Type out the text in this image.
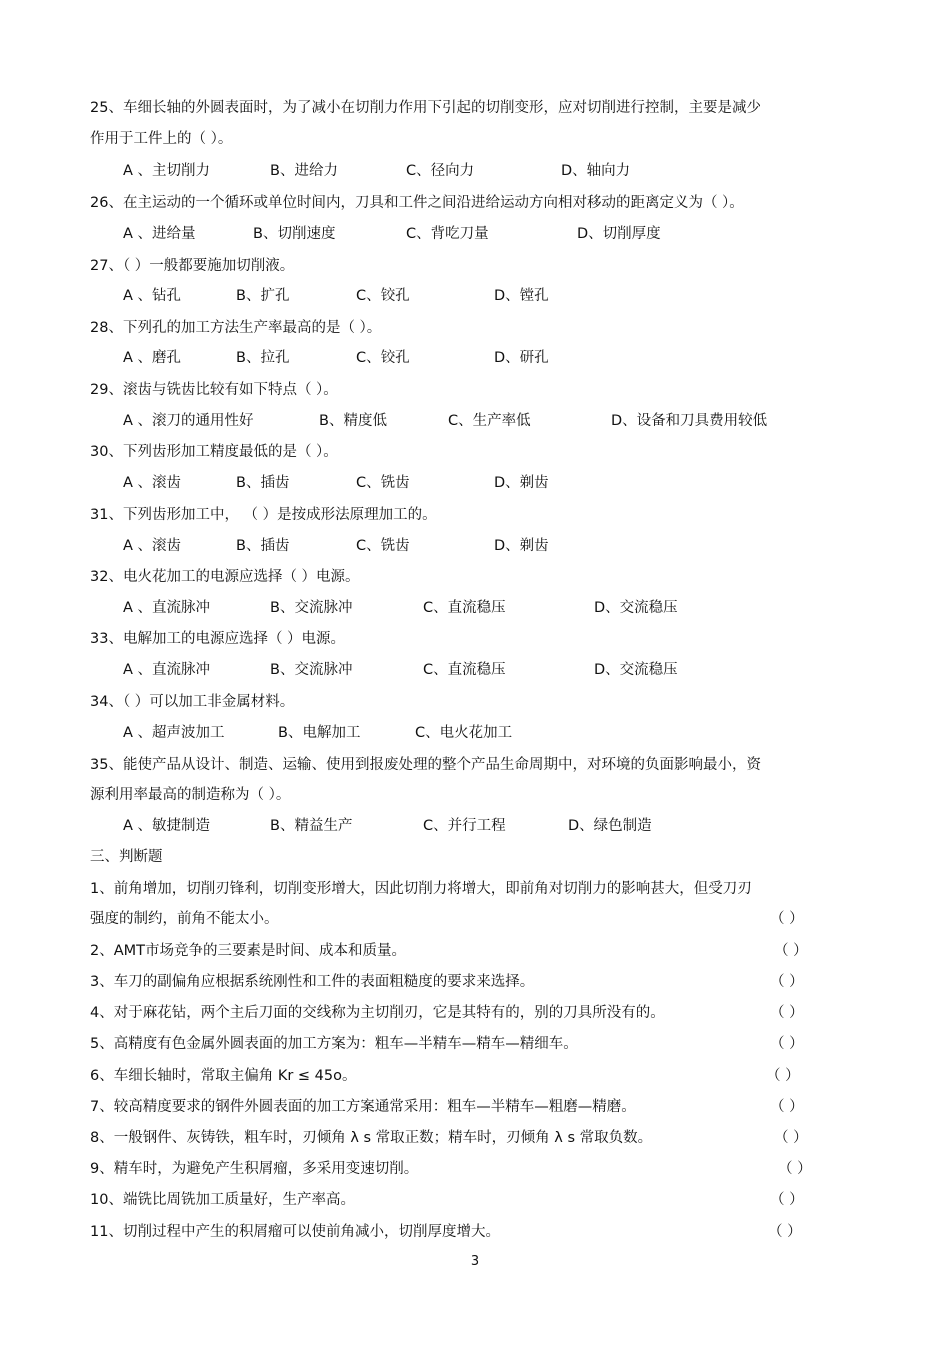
25、车细长轴的外圆表面时，为了减小在切削力作用下引起的切削变形，应对切削进行控制，主要是减少
作用于工件上的（ ）。
A 、主切削力	B、进给力	C、径向力	D、轴向力
26、在主运动的一个循环或单位时间内，刀具和工件之间沿进给运动方向相对移动的距离定义为（ ）。
A 、进给量	B、切削速度	C、背吃刀量	D、切削厚度
27、（ ）一般都要施加切削液。
A 、钻孔	B、扩孔	C、铰孔	D、镗孔
28、下列孔的加工方法生产率最高的是（ ）。
A 、磨孔	B、拉孔	C、铰孔	D、研孔
29、滚齿与铣齿比较有如下特点（ ）。
A 、滚刀的通用性好	B、精度低	C、生产率低	D、设备和刀具费用较低
30、下列齿形加工精度最低的是（ ）。
A 、滚齿	B、插齿	C、铣齿	D、剃齿
31、下列齿形加工中， （ ）是按成形法原理加工的。
A 、滚齿	B、插齿	C、铣齿	D、剃齿
32、电火花加工的电源应选择（ ）电源。
A 、直流脉冲	B、交流脉冲	C、直流稳压	D、交流稳压
33、电解加工的电源应选择（ ）电源。
A 、直流脉冲	B、交流脉冲	C、直流稳压	D、交流稳压
34、（ ）可以加工非金属材料。
A 、超声波加工	B、电解加工	C、电火花加工
35、能使产品从设计、制造、运输、使用到报废处理的整个产品生命周期中，对环境的负面影响最小，资
源利用率最高的制造称为（ ）。
A 、敏捷制造	B、精益生产	C、并行工程	D、绿色制造
三、判断题
1、前角增加，切削刃锋利，切削变形增大，因此切削力将增大，即前角对切削力的影响甚大，但受刀刃
强度的制约，前角不能太小。	（ ）
2、AMT市场竞争的三要素是时间、成本和质量。	（ ）
3、车刀的副偏角应根据系统刚性和工件的表面粗糙度的要求来选择。	（ ）
4、对于麻花钻，两个主后刀面的交线称为主切削刃，它是其特有的，别的刀具所没有的。	（ ）
5、高精度有色金属外圆表面的加工方案为：粗车—半精车—精车—精细车。	（ ）
6、车细长轴时，常取主偏角 Kr ≤ 45o。	（ ）
7、较高精度要求的钢件外圆表面的加工方案通常采用：粗车—半精车—粗磨—精磨。	（ ）
8、一般钢件、灰铸铁，粗车时，刃倾角 λ s 常取正数；精车时，刃倾角 λ s 常取负数。	（ ）
9、精车时，为避免产生积屑瘤，多采用变速切削。	（ ）
10、端铣比周铣加工质量好，生产率高。	（ ）
11、切削过程中产生的积屑瘤可以使前角减小，切削厚度增大。	（ ）
3
